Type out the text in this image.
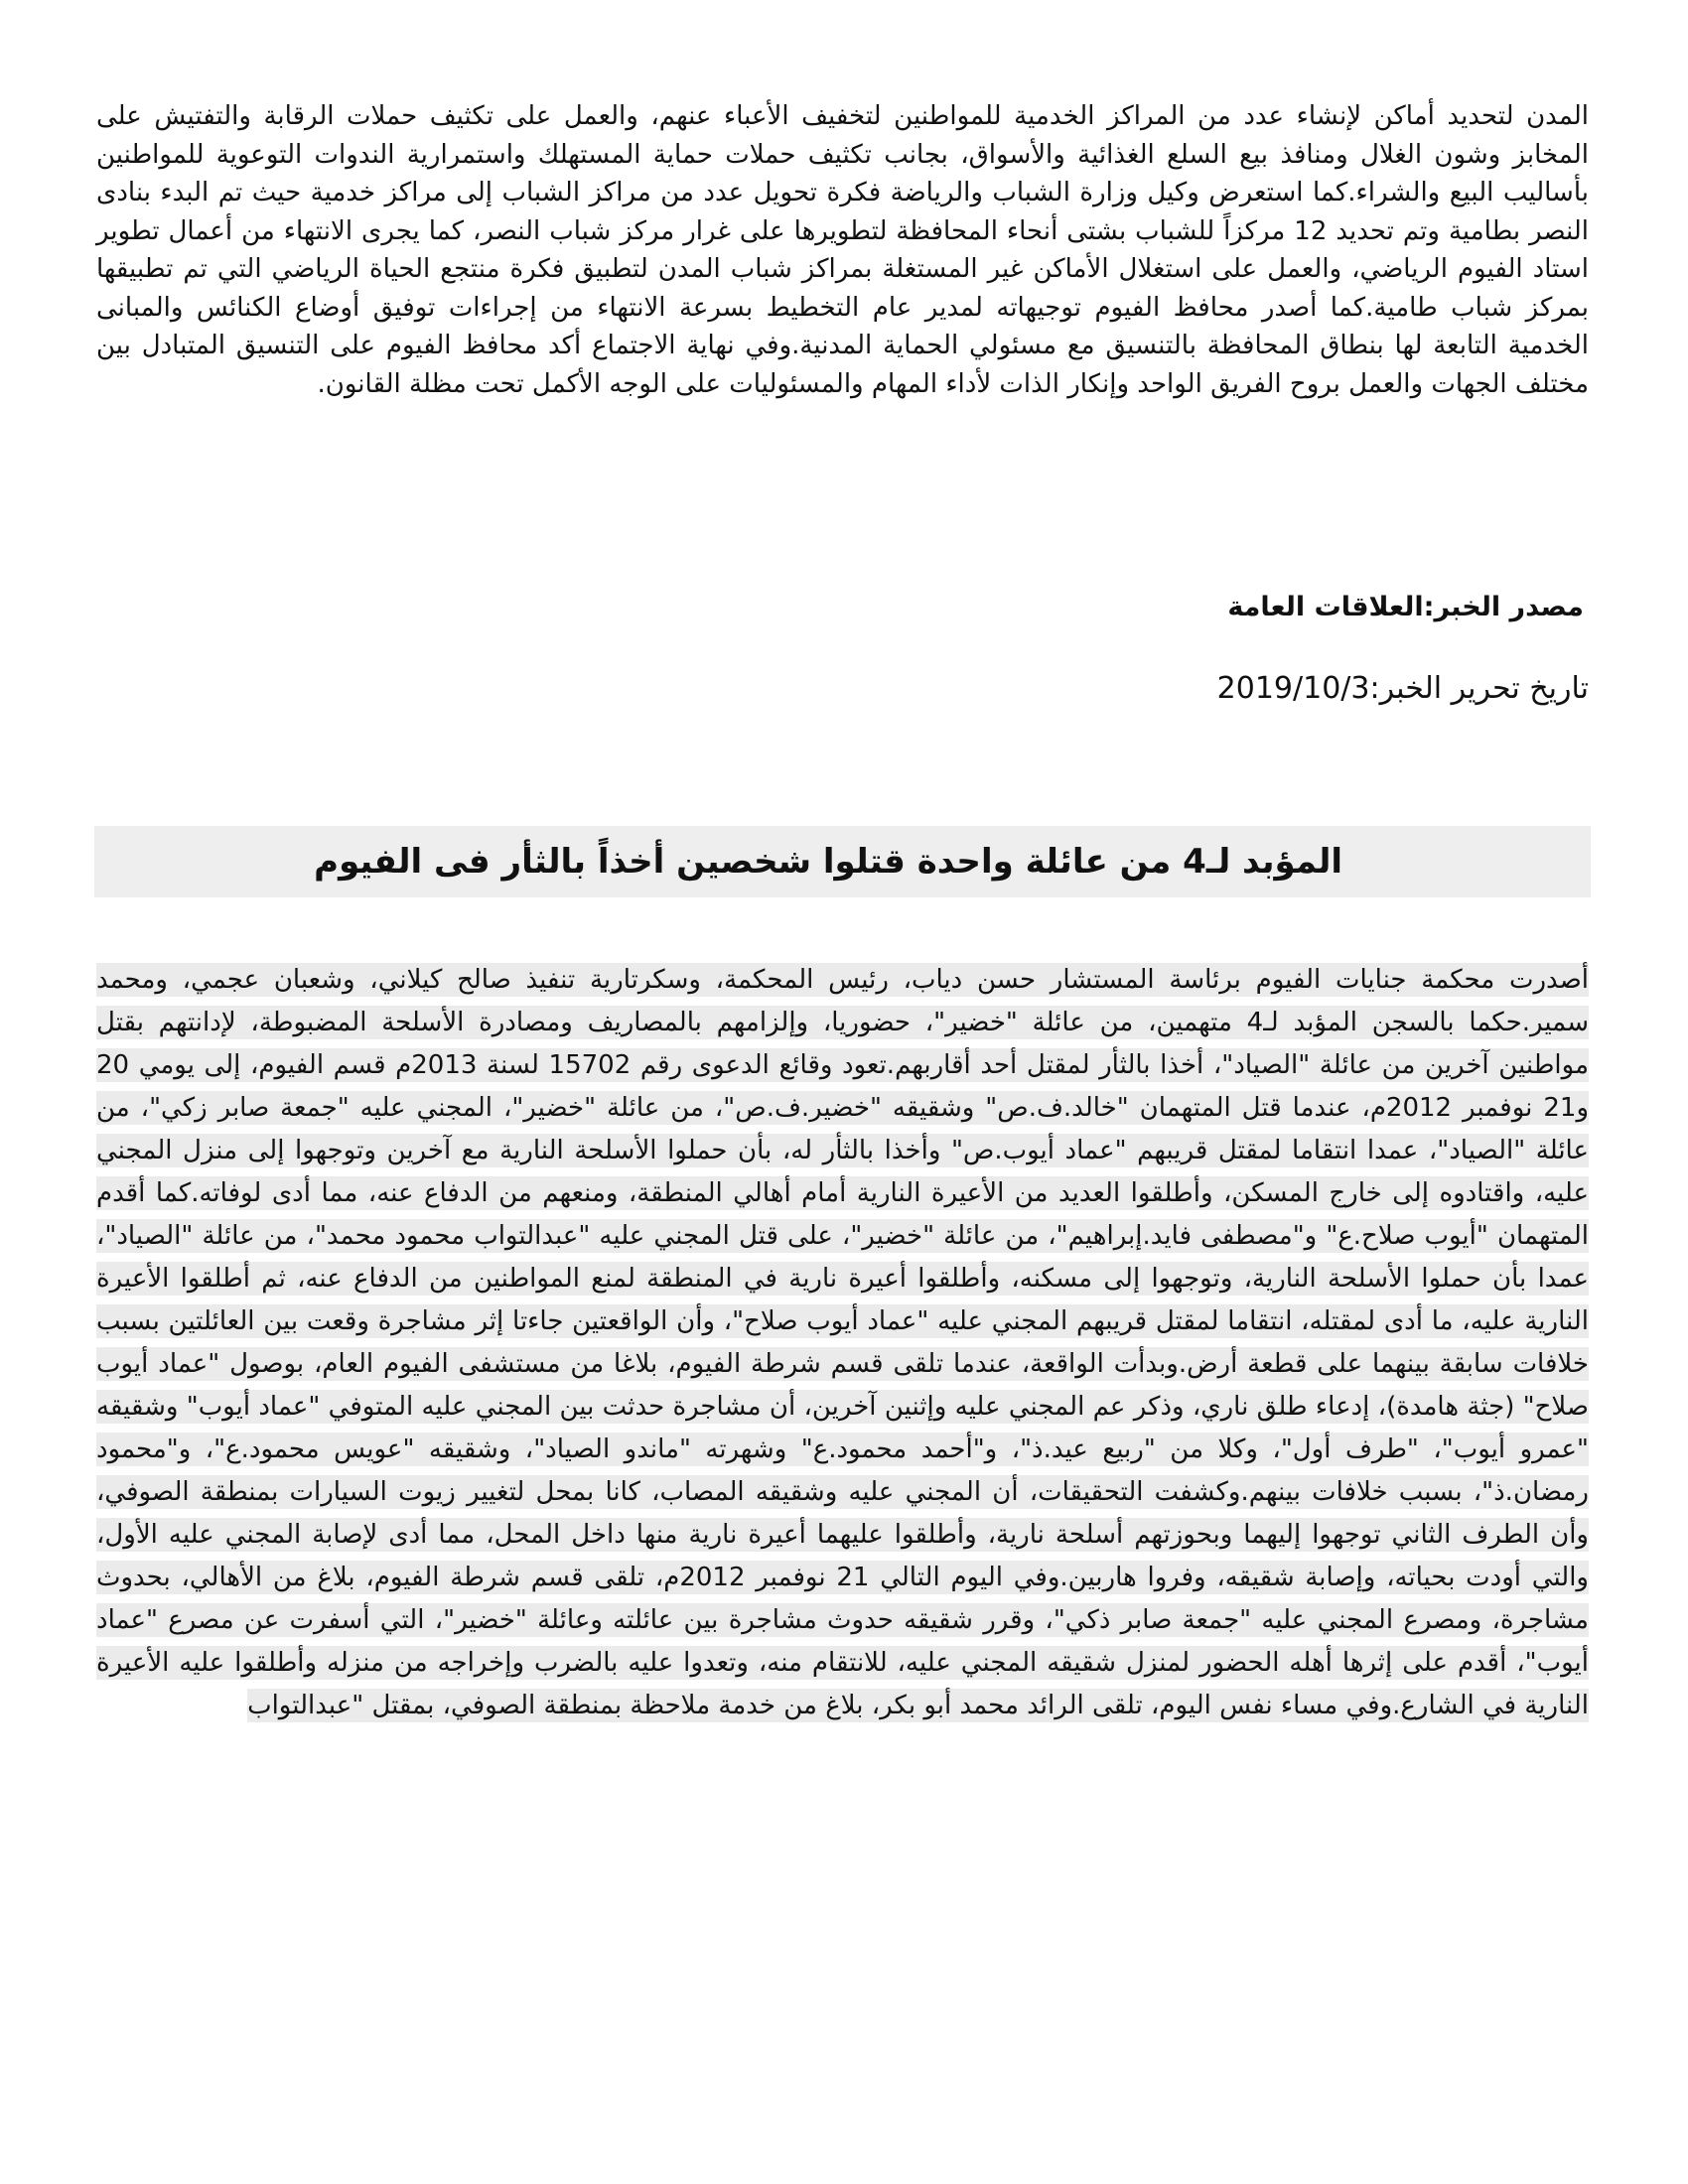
المدن لتحديد أماكن لإنشاء عدد من المراكز الخدمية للمواطنين لتخفيف الأعباء عنهم، والعمل على تكثيف حملات الرقابة والتفتيش على المخابز وشون الغلال ومنافذ بيع السلع الغذائية والأسواق، بجانب تكثيف حملات حماية المستهلك واستمرارية الندوات التوعوية للمواطنين بأساليب البيع والشراء.كما استعرض وكيل وزارة الشباب والرياضة فكرة تحويل عدد من مراكز الشباب إلى مراكز خدمية حيث تم البدء بنادى النصر بطامية وتم تحديد 12 مركزاً للشباب بشتى أنحاء المحافظة لتطويرها على غرار مركز شباب النصر، كما يجرى الانتهاء من أعمال تطوير استاد الفيوم الرياضي، والعمل على استغلال الأماكن غير المستغلة بمراكز شباب المدن لتطبيق فكرة منتجع الحياة الرياضي التي تم تطبيقها بمركز شباب طامية.كما أصدر محافظ الفيوم توجيهاته لمدير عام التخطيط بسرعة الانتهاء من إجراءات توفيق أوضاع الكنائس والمبانى الخدمية التابعة لها بنطاق المحافظة بالتنسيق مع مسئولي الحماية المدنية.وفي نهاية الاجتماع أكد محافظ الفيوم على التنسيق المتبادل بين مختلف الجهات والعمل بروح الفريق الواحد وإنكار الذات لأداء المهام والمسئوليات على الوجه الأكمل تحت مظلة القانون.
مصدر الخبر:العلاقات العامة
تاريخ تحرير الخبر:2019/10/3
المؤبد لـ4 من عائلة واحدة قتلوا شخصين أخذاً بالثأر فى الفيوم
أصدرت محكمة جنايات الفيوم برئاسة المستشار حسن دياب، رئيس المحكمة، وسكرتارية تنفيذ صالح كيلاني، وشعبان عجمي، ومحمد سمير.حكما بالسجن المؤبد لـ4 متهمين، من عائلة "خضير"، حضوريا، وإلزامهم بالمصاريف ومصادرة الأسلحة المضبوطة، لإدانتهم بقتل مواطنين آخرين من عائلة "الصياد"، أخذا بالثأر لمقتل أحد أقاربهم.تعود وقائع الدعوى رقم 15702 لسنة 2013م قسم الفيوم، إلى يومي 20 و21 نوفمبر 2012م، عندما قتل المتهمان "خالد.ف.ص" وشقيقه "خضير.ف.ص"، من عائلة "خضير"، المجني عليه "جمعة صابر زكي"، من عائلة "الصياد"، عمدا انتقاما لمقتل قريبهم "عماد أيوب.ص" وأخذا بالثأر له، بأن حملوا الأسلحة النارية مع آخرين وتوجهوا إلى منزل المجني عليه، واقتادوه إلى خارج المسكن، وأطلقوا العديد من الأعيرة النارية أمام أهالي المنطقة، ومنعهم من الدفاع عنه، مما أدى لوفاته.كما أقدم المتهمان "أيوب صلاح.ع" و"مصطفى فايد.إبراهيم"، من عائلة "خضير"، على قتل المجني عليه "عبدالتواب محمود محمد"، من عائلة "الصياد"، عمدا بأن حملوا الأسلحة النارية، وتوجهوا إلى مسكنه، وأطلقوا أعيرة نارية في المنطقة لمنع المواطنين من الدفاع عنه، ثم أطلقوا الأعيرة النارية عليه، ما أدى لمقتله، انتقاما لمقتل قريبهم المجني عليه "عماد أيوب صلاح"، وأن الواقعتين جاءتا إثر مشاجرة وقعت بين العائلتين بسبب خلافات سابقة بينهما على قطعة أرض.وبدأت الواقعة، عندما تلقى قسم شرطة الفيوم، بلاغا من مستشفى الفيوم العام، بوصول "عماد أيوب صلاح" (جثة هامدة)، إدعاء طلق ناري، وذكر عم المجني عليه وإثنين آخرين، أن مشاجرة حدثت بين المجني عليه المتوفي "عماد أيوب" وشقيقه "عمرو أيوب"، "طرف أول"، وكلا من "ربيع عيد.ذ"، و"أحمد محمود.ع" وشهرته "ماندو الصياد"، وشقيقه "عويس محمود.ع"، و"محمود رمضان.ذ"، بسبب خلافات بينهم.وكشفت التحقيقات، أن المجني عليه وشقيقه المصاب، كانا بمحل لتغيير زيوت السيارات بمنطقة الصوفي، وأن الطرف الثاني توجهوا إليهما وبحوزتهم أسلحة نارية، وأطلقوا عليهما أعيرة نارية منها داخل المحل، مما أدى لإصابة المجني عليه الأول، والتي أودت بحياته، وإصابة شقيقه، وفروا هاربين.وفي اليوم التالي 21 نوفمبر 2012م، تلقى قسم شرطة الفيوم، بلاغ من الأهالي، بحدوث مشاجرة، ومصرع المجني عليه "جمعة صابر ذكي"، وقرر شقيقه حدوث مشاجرة بين عائلته وعائلة "خضير"، التي أسفرت عن مصرع "عماد أيوب"، أقدم على إثرها أهله الحضور لمنزل شقيقه المجني عليه، للانتقام منه، وتعدوا عليه بالضرب وإخراجه من منزله وأطلقوا عليه الأعيرة النارية في الشارع.وفي مساء نفس اليوم، تلقى الرائد محمد أبو بكر، بلاغ من خدمة ملاحظة بمنطقة الصوفي، بمقتل "عبدالتواب
